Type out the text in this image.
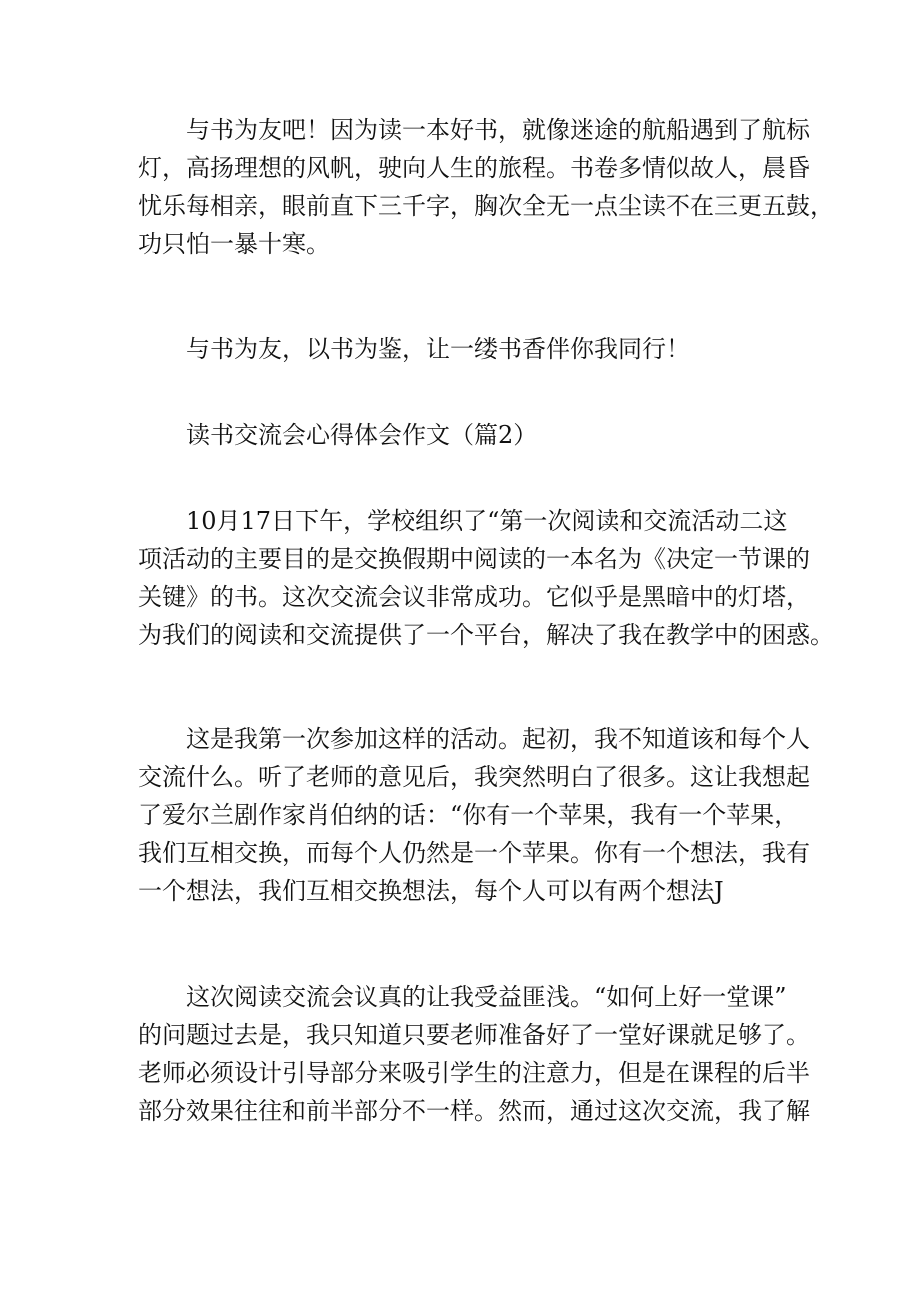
与书为友吧！因为读一本好书，就像迷途的航船遇到了航标
灯，高扬理想的风帆，驶向人生的旅程。书卷多情似故人，晨昏
忧乐每相亲，眼前直下三千字，胸次全无一点尘读不在三更五鼓，
功只怕一暴十寒。
与书为友，以书为鉴，让一缕书香伴你我同行！
读书交流会心得体会作文（篇2）
10月17日下午，学校组织了“第一次阅读和交流活动二这
项活动的主要目的是交换假期中阅读的一本名为《决定一节课的
关键》的书。这次交流会议非常成功。它似乎是黑暗中的灯塔，
为我们的阅读和交流提供了一个平台，解决了我在教学中的困惑。
这是我第一次参加这样的活动。起初，我不知道该和每个人
交流什么。听了老师的意见后，我突然明白了很多。这让我想起
了爱尔兰剧作家肖伯纳的话：“你有一个苹果，我有一个苹果，
我们互相交换，而每个人仍然是一个苹果。你有一个想法，我有
一个想法，我们互相交换想法，每个人可以有两个想法J
这次阅读交流会议真的让我受益匪浅。“如何上好一堂课”
的问题过去是，我只知道只要老师准备好了一堂好课就足够了。
老师必须设计引导部分来吸引学生的注意力，但是在课程的后半
部分效果往往和前半部分不一样。然而，通过这次交流，我了解
